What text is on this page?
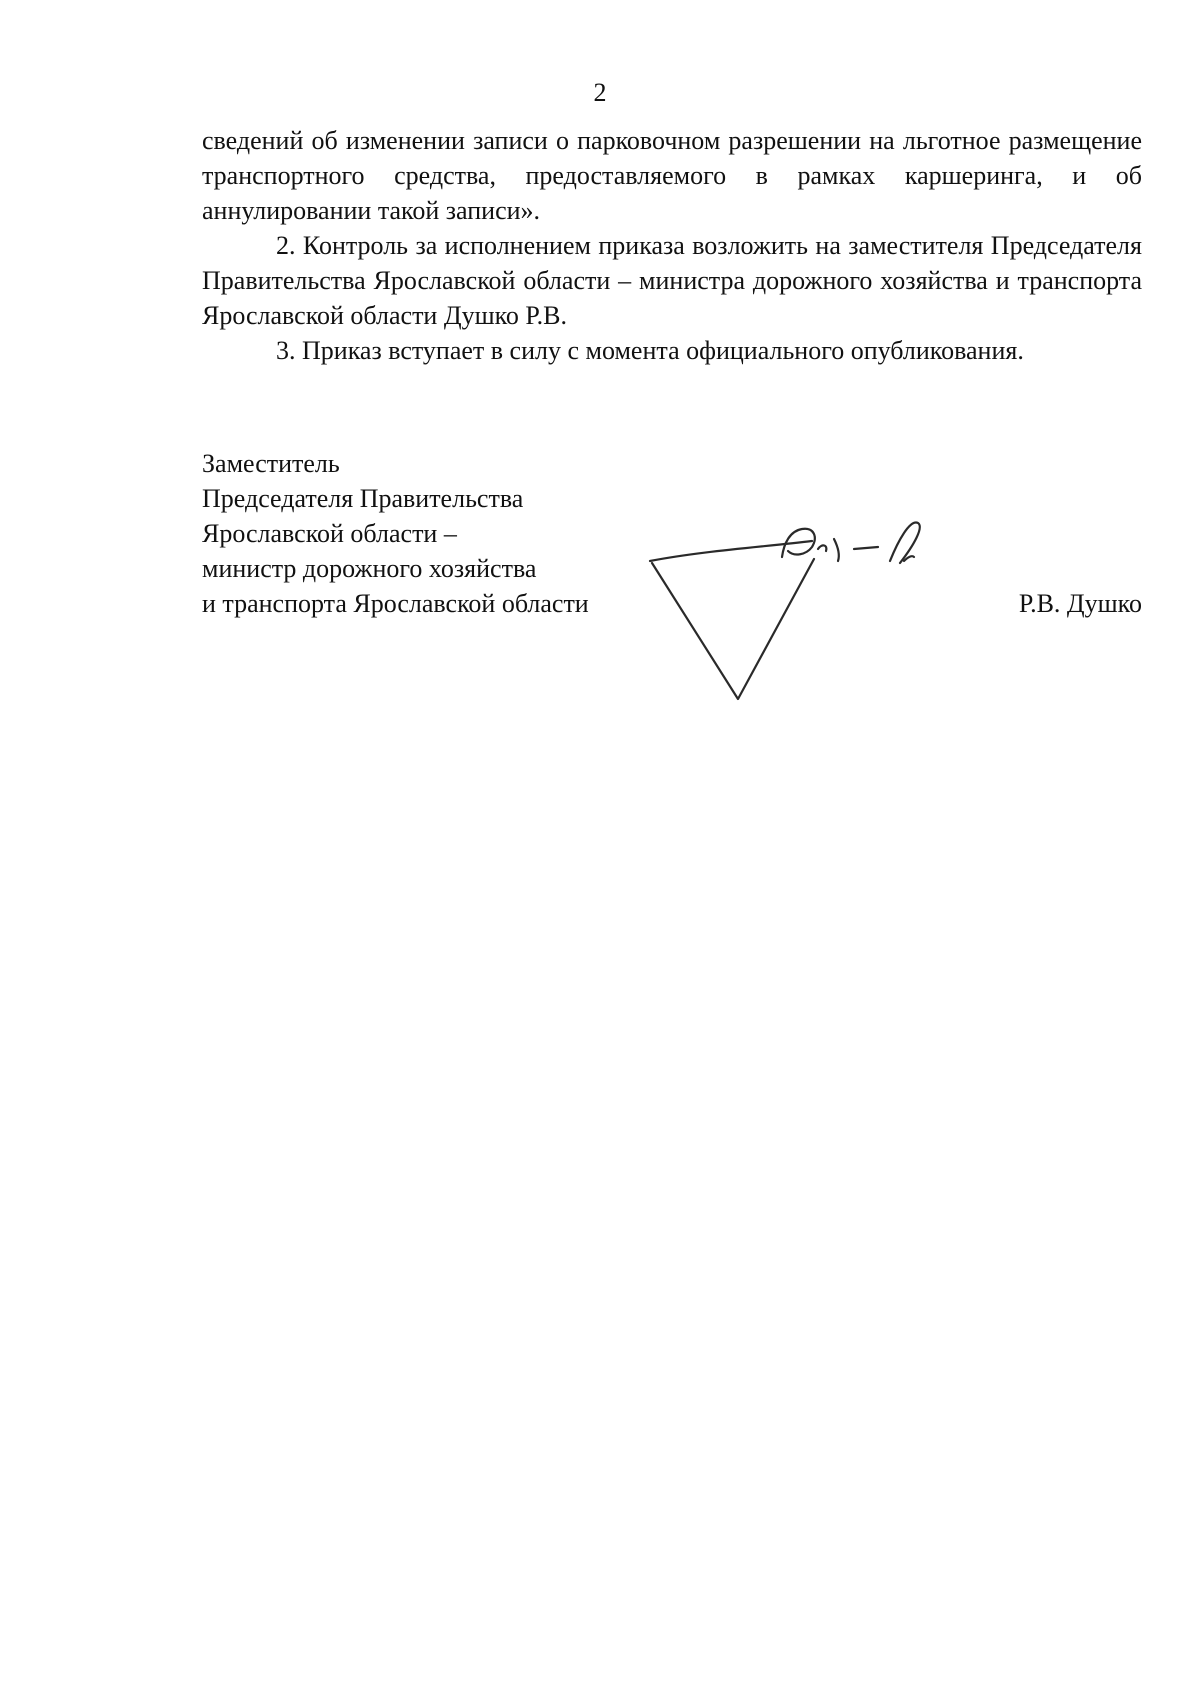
2

сведений об изменении записи о парковочном разрешении на льготное размещение транспортного средства, предоставляемого в рамках каршеринга, и об аннулировании такой записи».

2. Контроль за исполнением приказа возложить на заместителя Председателя Правительства Ярославской области – министра дорожного хозяйства и транспорта Ярославской области Душко Р.В.

3. Приказ вступает в силу с момента официального опубликования.

Заместитель
Председателя Правительства
Ярославской области –
министр дорожного хозяйства
и транспорта Ярославской области	Р.В. Душко
